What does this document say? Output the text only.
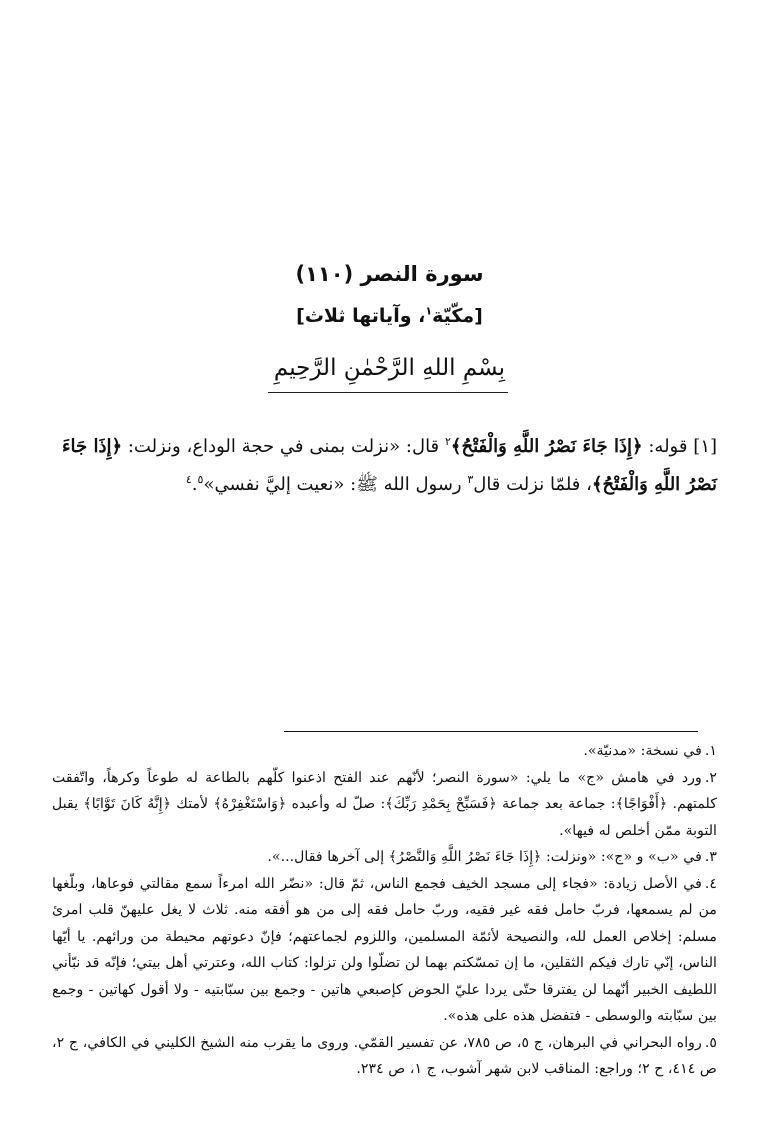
سورة النصر (١١٠)
[مكّيّة$^١$، وآياتها ثلاث]
بِسْمِ اللهِ الرَّحْمٰنِ الرَّحِيمِ

[١] قوله: ﴿إِذَا جَاءَ نَصْرُ اللَّهِ وَالْفَتْحُ﴾$^٢$ قال: «نزلت بمنى في حجة الوداع، ونزلت: ﴿إِذَا جَاءَ نَصْرُ اللَّهِ وَالْفَتْحُ﴾، فلمّا نزلت قال$^٣$ رسول الله ﷺ: «نعيت إليَّ نفسي»$^٤$.$^٥$

١.في نسخة: «مدنيّة».

٢.ورد في هامش «ج» ما يلي: «سورة النصر؛ لأنّهم عند الفتح اذعنوا كلّهم بالطاعة له طوعاً وكرهاً، واتّفقت كلمتهم. ﴿أَفْوَاجًا﴾: جماعة بعد جماعة ﴿فَسَبِّحْ بِحَمْدِ رَبِّكَ﴾: صلّ له وأعبده ﴿وَاسْتَغْفِرْهُ﴾ لأمتك ﴿إِنَّهُ كَانَ تَوَّابًا﴾ يقبل التوبة ممّن أخلص له فيها».

٣.في «ب» و «ج»: «ونزلت: ﴿إِذَا جَاءَ نَصْرُ اللَّهِ وَالنَّصْرُ﴾ إلى آخرها فقال...».

٤.في الأصل زيادة: «فجاء إلى مسجد الخيف فجمع الناس، ثمّ قال: «نضّر الله امرءاً سمع مقالتي فوعاها، وبلّغها من لم يسمعها، فربّ حامل فقه غير فقيه، وربّ حامل فقه إلى من هو أفقه منه. ثلاث لا يغل عليهنّ قلب امرئ مسلم: إخلاص العمل لله، والنصيحة لأئمّة المسلمين، واللزوم لجماعتهم؛ فإنّ دعوتهم محيطة من ورائهم. يا أيّها الناس، إنّي تارك فيكم الثقلين، ما إن تمسّكتم بهما لن تضلّوا ولن تزلوا: كتاب الله، وعترتي أهل بيتي؛ فإنّه قد نبّأني اللطيف الخبير أنّهما لن يفترقا حتّى يردا عليّ الحوض كإصبعي هاتين - وجمع بين سبّابتيه - ولا أقول كهاتين - وجمع بين سبّابته والوسطى - فتفضل هذه على هذه».

٥.رواه البحراني في البرهان، ج ٥، ص ٧٨٥، عن تفسير القمّي. وروى ما يقرب منه الشيخ الكليني في الكافي، ج ٢، ص ٤١٤، ح ٢؛ وراجع: المناقب لابن شهر آشوب، ج ١، ص ٢٣٤.
